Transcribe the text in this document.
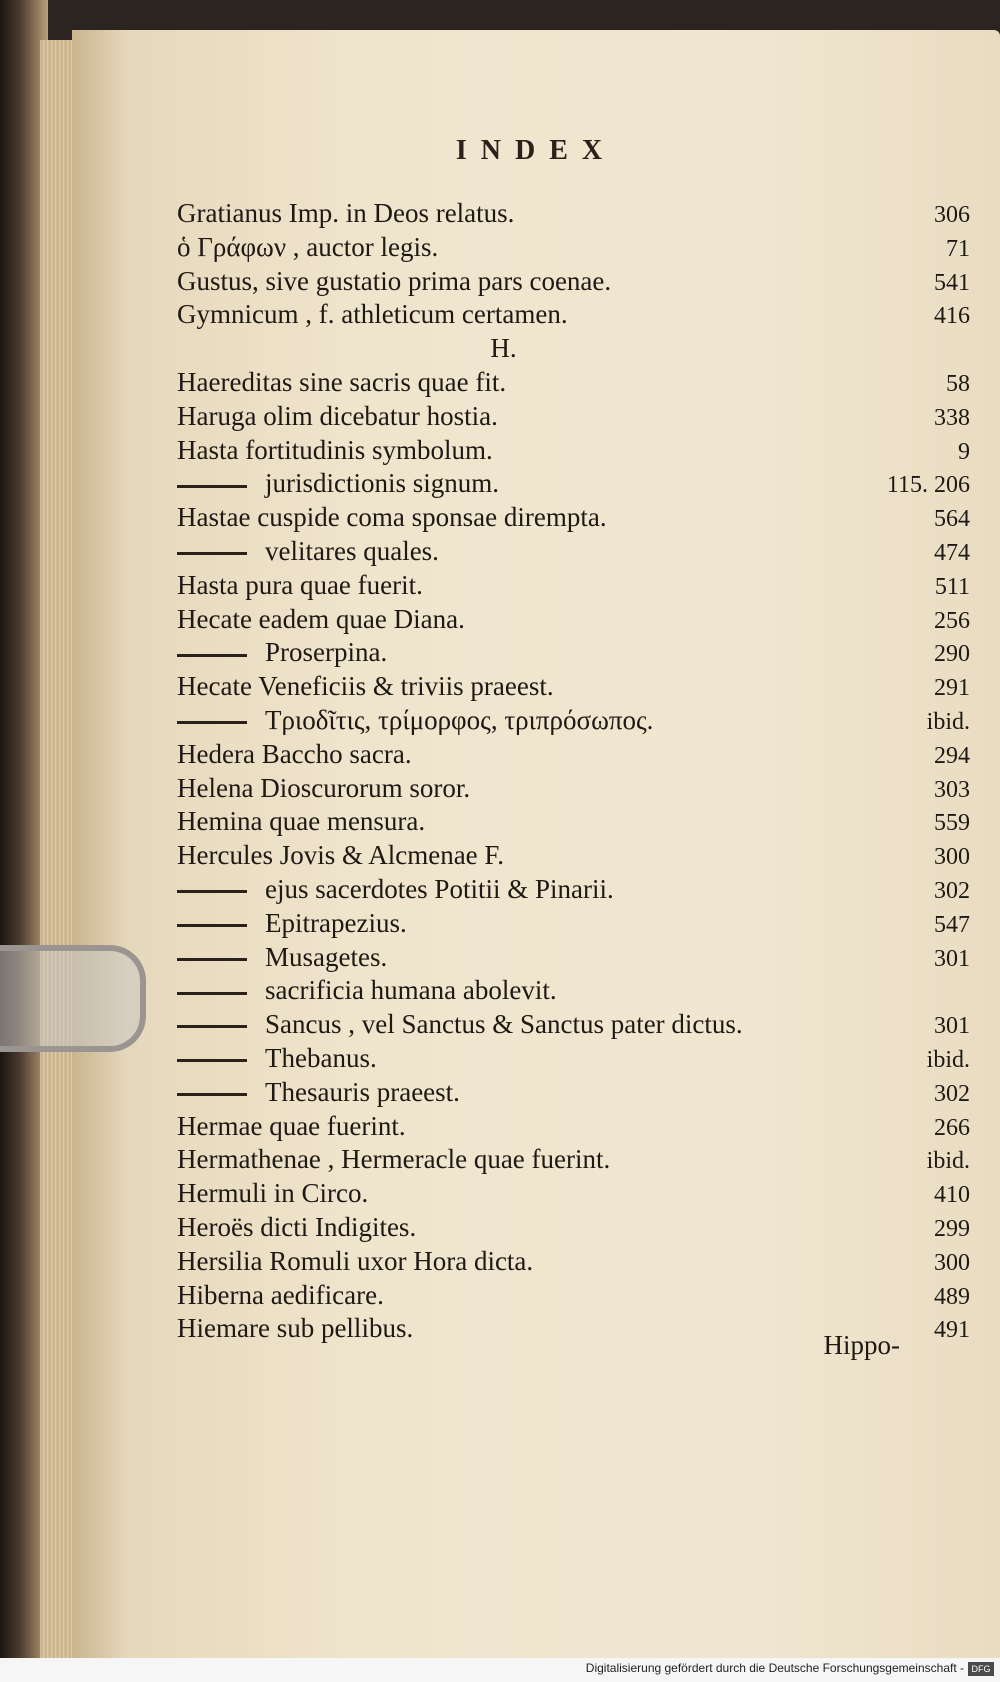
INDEX
Gratianus Imp. in Deos relatus.	306
ὁ Γράφων , auctor legis.	71
Gustus, sive gustatio prima pars coenae.	541
Gymnicum , f. athleticum certamen.	416
H.
Haereditas sine sacris quae fit.	58
Haruga olim dicebatur hostia.	338
Hasta fortitudinis symbolum.	9
jurisdictionis signum.	115. 206
Hastae cuspide coma sponsae dirempta.	564
velitares quales.	474
Hasta pura quae fuerit.	511
Hecate eadem quae Diana.	256
Proserpina.	290
Hecate Veneficiis & triviis praeest.	291
Τριοδῖτις, τρίμορφος, τριπρόσωπος.	ibid.
Hedera Baccho sacra.	294
Helena Dioscurorum soror.	303
Hemina quae mensura.	559
Hercules Jovis & Alcmenae F.	300
ejus sacerdotes Potitii & Pinarii.	302
Epitrapezius.	547
Musagetes.	301
sacrificia humana abolevit.
Sancus , vel Sanctus & Sanctus pater dictus.	301
Thebanus.	ibid.
Thesauris praeest.	302
Hermae quae fuerint.	266
Hermathenae , Hermeracle quae fuerint.	ibid.
Hermuli in Circo.	410
Heroës dicti Indigites.	299
Hersilia Romuli uxor Hora dicta.	300
Hiberna aedificare.	489
Hiemare sub pellibus.	491
Hippo-
Digitalisierung gefördert durch die Deutsche Forschungsgemeinschaft - DFG
